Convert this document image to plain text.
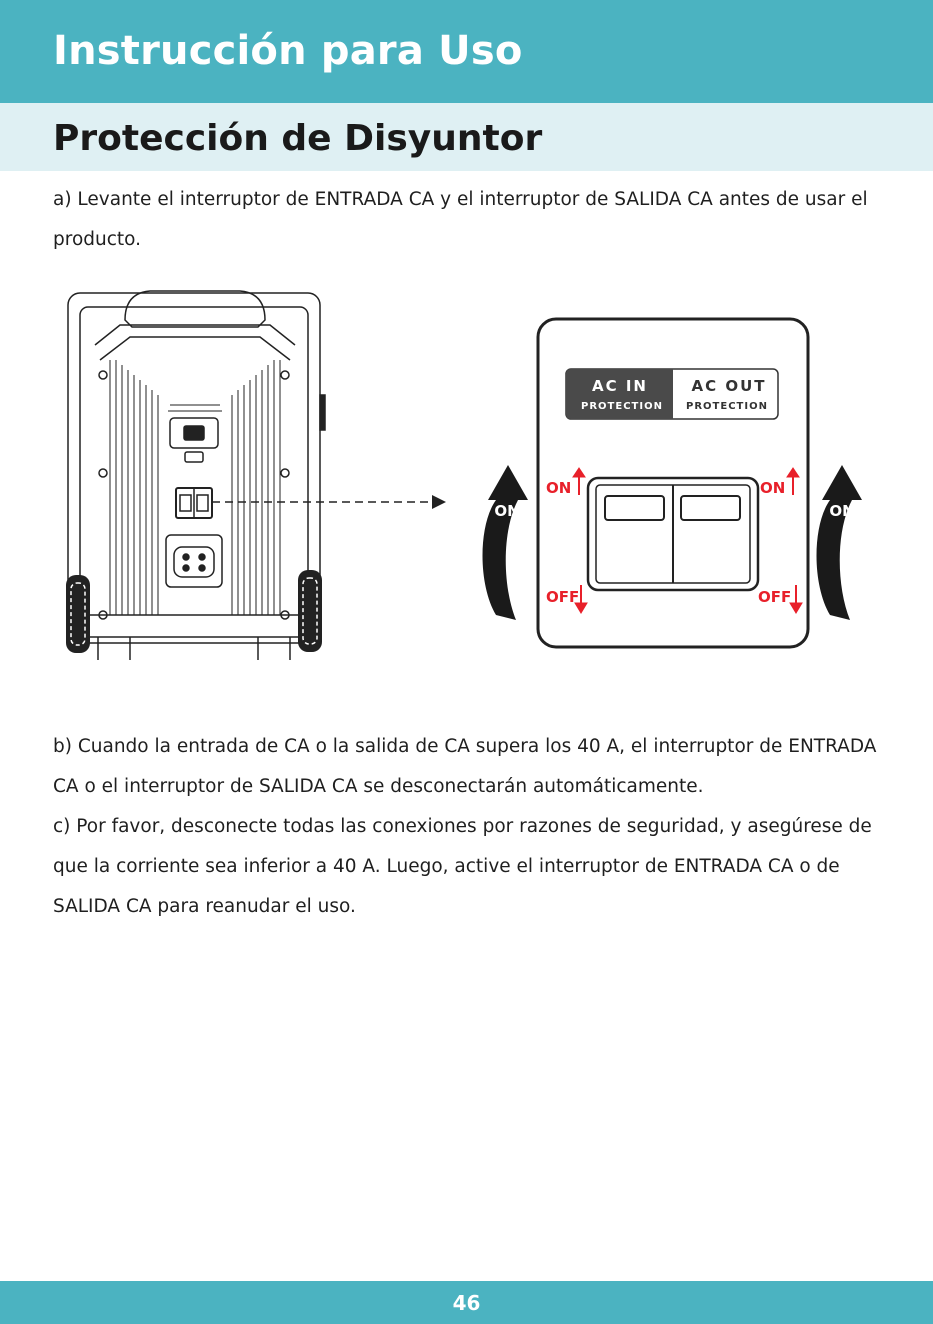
Instrucción para Uso
Protección de Disyuntor

a) Levante el interruptor de ENTRADA CA y el interruptor de SALIDA CA antes de usar el producto.

AC IN
PROTECTION
AC OUT
PROTECTION
ON	ON
OFF	OFF
ON	ON

b) Cuando la entrada de CA o la salida de CA supera los 40 A, el interruptor de ENTRADA CA o el interruptor de SALIDA CA se desconectarán automáticamente.

c) Por favor, desconecte todas las conexiones por razones de seguridad, y asegúrese de que la corriente sea inferior a 40 A. Luego, active el interruptor de ENTRADA CA o de SALIDA CA para reanudar el uso.

46
